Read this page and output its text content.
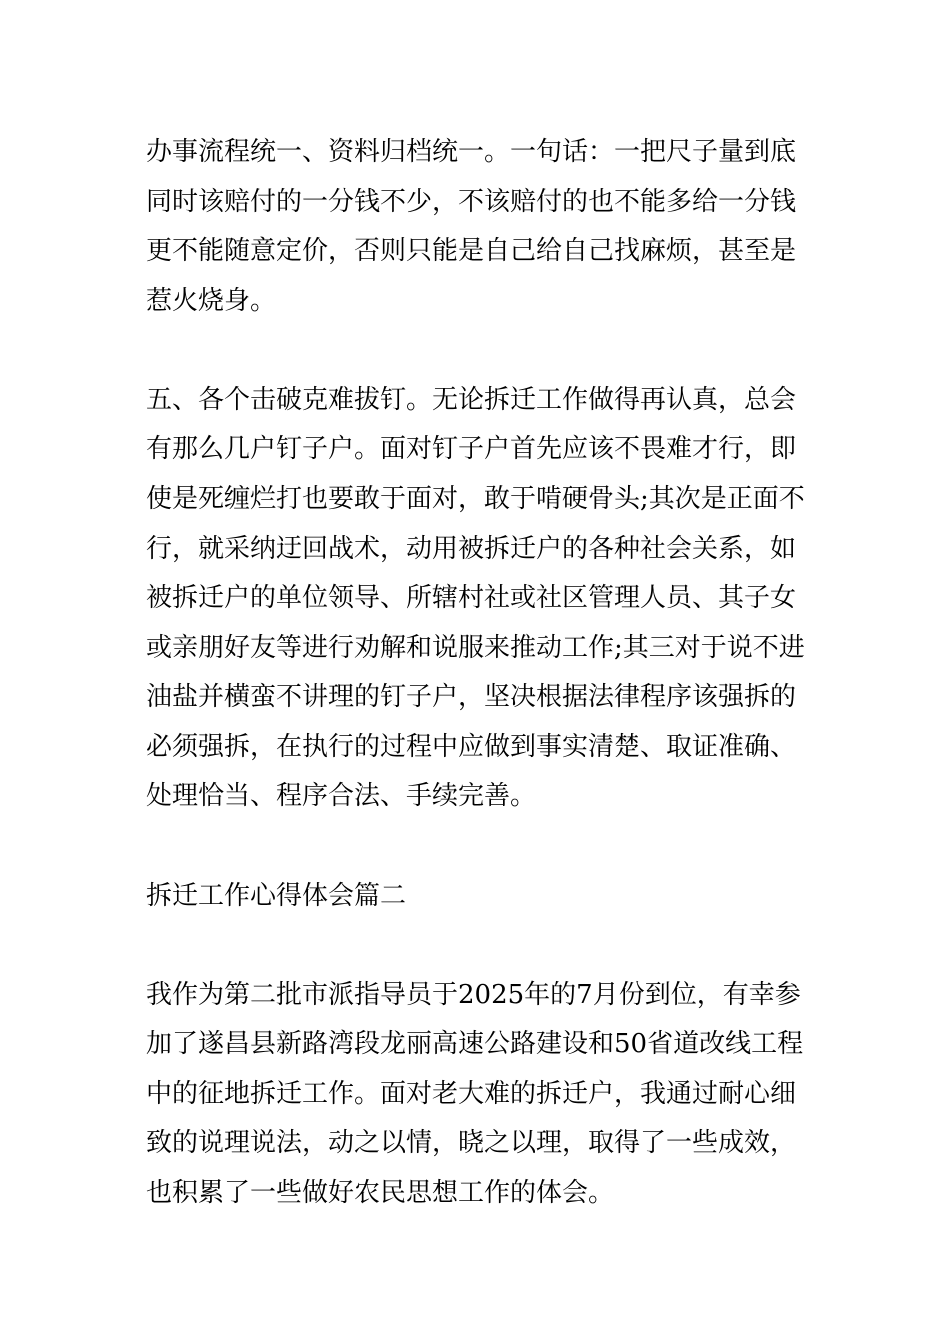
办事流程统一、资料归档统一。一句话：一把尺子量到底
同时该赔付的一分钱不少，不该赔付的也不能多给一分钱
更不能随意定价，否则只能是自己给自己找麻烦，甚至是
惹火烧身。
五、各个击破克难拔钉。无论拆迁工作做得再认真，总会
有那么几户钉子户。面对钉子户首先应该不畏难才行，即
使是死缠烂打也要敢于面对，敢于啃硬骨头;其次是正面不
行，就采纳迂回战术，动用被拆迁户的各种社会关系，如
被拆迁户的单位领导、所辖村社或社区管理人员、其子女
或亲朋好友等进行劝解和说服来推动工作;其三对于说不进
油盐并横蛮不讲理的钉子户，坚决根据法律程序该强拆的
必须强拆，在执行的过程中应做到事实清楚、取证准确、
处理恰当、程序合法、手续完善。
拆迁工作心得体会篇二
我作为第二批市派指导员于2025年的7月份到位，有幸参
加了遂昌县新路湾段龙丽高速公路建设和50省道改线工程
中的征地拆迁工作。面对老大难的拆迁户，我通过耐心细
致的说理说法，动之以情，晓之以理，取得了一些成效，
也积累了一些做好农民思想工作的体会。
